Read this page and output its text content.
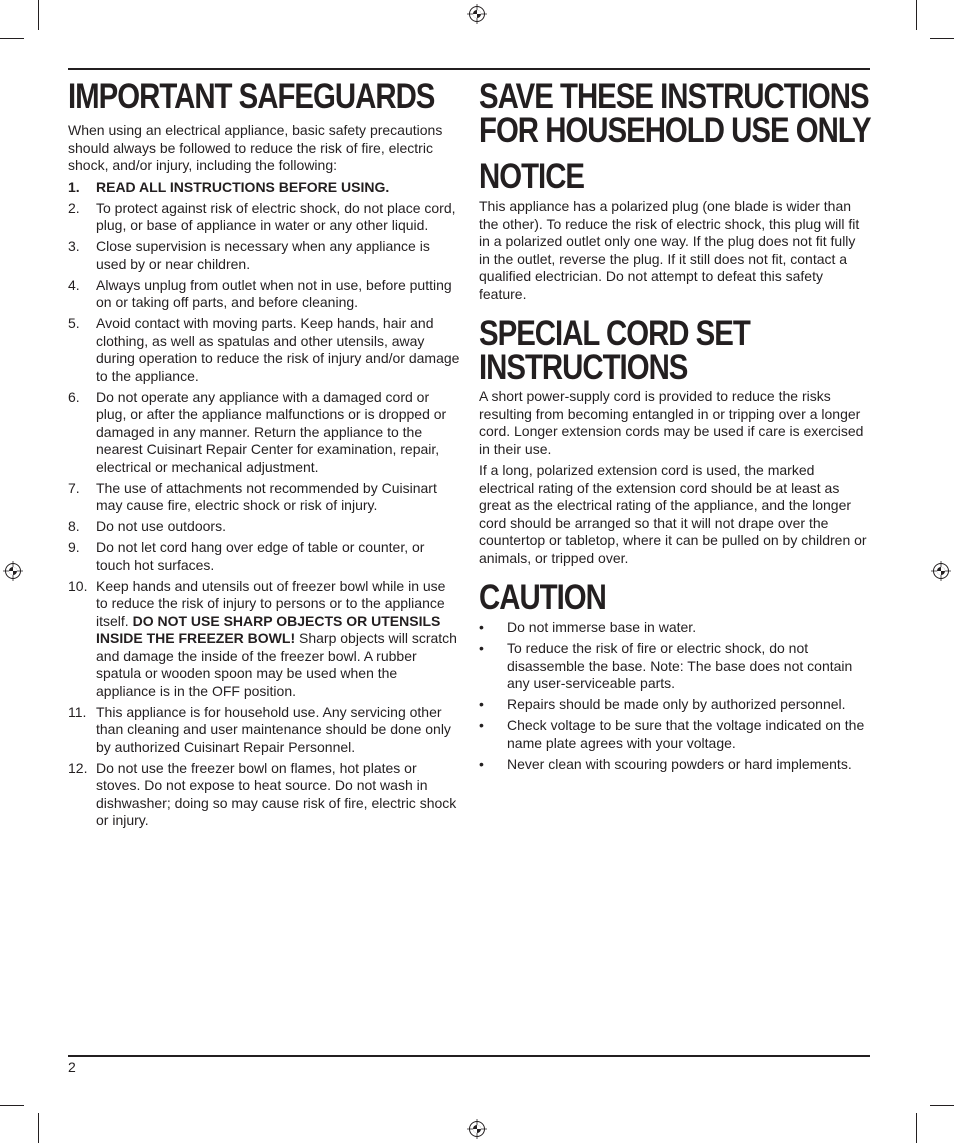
IMPORTANT SAFEGUARDS

When using an electrical appliance, basic safety precautions should always be followed to reduce the risk of fire, electric shock, and/or injury, including the following:

1. READ ALL INSTRUCTIONS BEFORE USING.
2. To protect against risk of electric shock, do not place cord, plug, or base of appliance in water or any other liquid.
3. Close supervision is necessary when any appliance is used by or near children.
4. Always unplug from outlet when not in use, before putting on or taking off parts, and before cleaning.
5. Avoid contact with moving parts. Keep hands, hair and clothing, as well as spatulas and other utensils, away during operation to reduce the risk of injury and/or damage to the appliance.
6. Do not operate any appliance with a damaged cord or plug, or after the appliance malfunctions or is dropped or damaged in any manner. Return the appliance to the nearest Cuisinart Repair Center for examination, repair, electrical or mechanical adjustment.
7. The use of attachments not recommended by Cuisinart may cause fire, electric shock or risk of injury.
8. Do not use outdoors.
9. Do not let cord hang over edge of table or counter, or touch hot surfaces.
10. Keep hands and utensils out of freezer bowl while in use to reduce the risk of injury to persons or to the appliance itself. DO NOT USE SHARP OBJECTS OR UTENSILS INSIDE THE FREEZER BOWL! Sharp objects will scratch and damage the inside of the freezer bowl. A rubber spatula or wooden spoon may be used when the appliance is in the OFF position.
11. This appliance is for household use. Any servicing other than cleaning and user maintenance should be done only by authorized Cuisinart Repair Personnel.
12. Do not use the freezer bowl on flames, hot plates or stoves. Do not expose to heat source. Do not wash in dishwasher; doing so may cause risk of fire, electric shock or injury.
SAVE THESE INSTRUCTIONS
FOR HOUSEHOLD USE ONLY
NOTICE

This appliance has a polarized plug (one blade is wider than the other). To reduce the risk of electric shock, this plug will fit in a polarized outlet only one way. If the plug does not fit fully in the outlet, reverse the plug. If it still does not fit, contact a qualified electrician. Do not attempt to defeat this safety feature.

SPECIAL CORD SET
INSTRUCTIONS

A short power-supply cord is provided to reduce the risks resulting from becoming entangled in or tripping over a longer cord. Longer extension cords may be used if care is exercised in their use.

If a long, polarized extension cord is used, the marked electrical rating of the extension cord should be at least as great as the electrical rating of the appliance, and the longer cord should be arranged so that it will not drape over the countertop or tabletop, where it can be pulled on by children or animals, or tripped over.

CAUTION
• Do not immerse base in water.
• To reduce the risk of fire or electric shock, do not disassemble the base. Note: The base does not contain any user-serviceable parts.
• Repairs should be made only by authorized personnel.
• Check voltage to be sure that the voltage indicated on the name plate agrees with your voltage.
• Never clean with scouring powders or hard implements.
2
